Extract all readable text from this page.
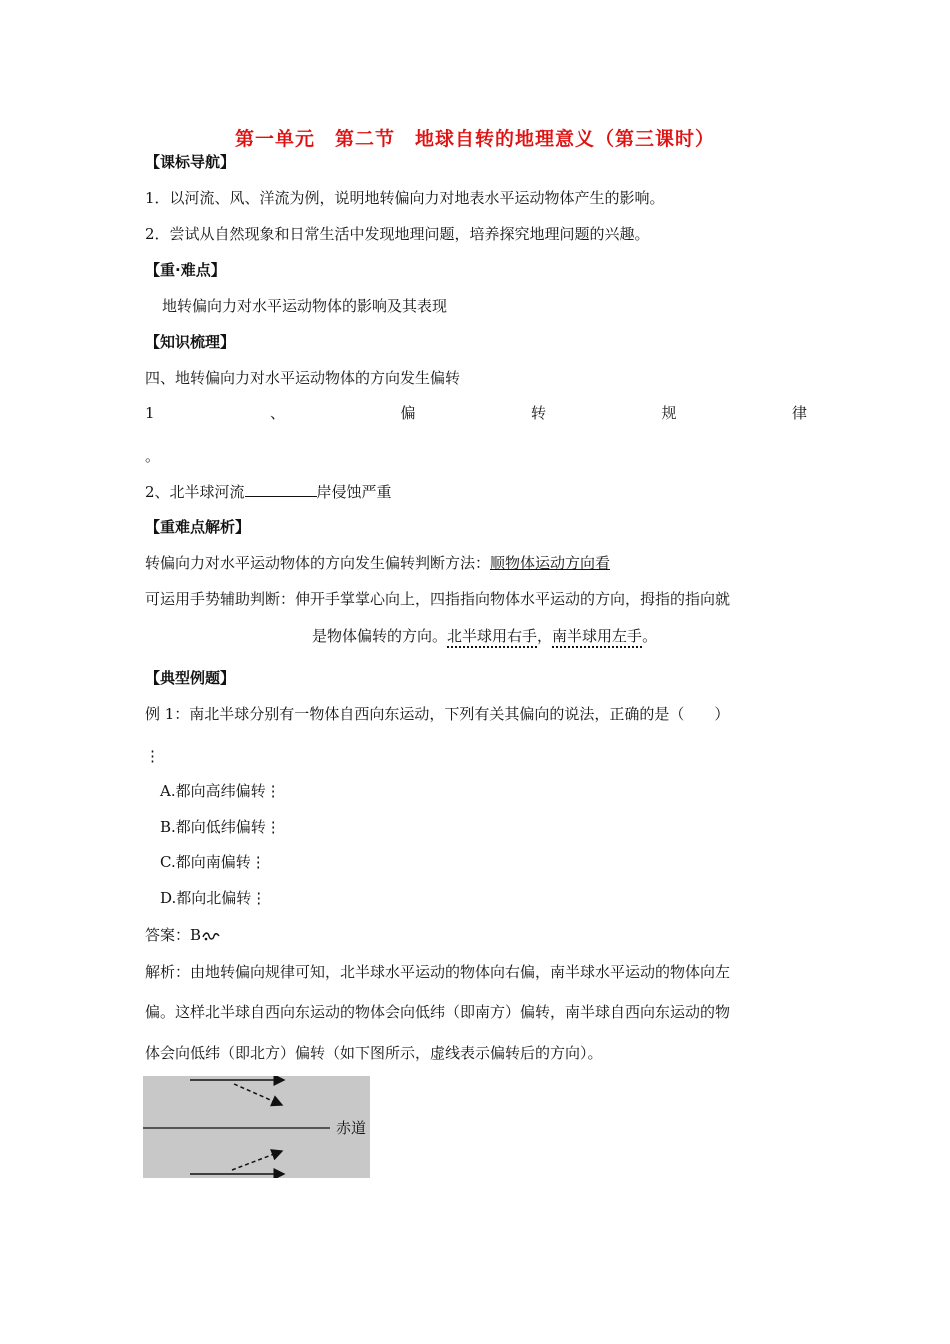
第一单元　第二节　地球自转的地理意义（第三课时）
【课标导航】
1．以河流、风、洋流为例，说明地转偏向力对地表水平运动物体产生的影响。
2．尝试从自然现象和日常生活中发现地理问题，培养探究地理问题的兴趣。
【重·难点】
地转偏向力对水平运动物体的影响及其表现
【知识梳理】
四、地转偏向力对水平运动物体的方向发生偏转
1	、	偏	转	规	律
。
2、北半球河流	岸侵蚀严重
【重难点解析】
转偏向力对水平运动物体的方向发生偏转判断方法：顺物体运动方向看
可运用手势辅助判断：伸开手掌掌心向上，四指指向物体水平运动的方向，拇指的指向就
是物体偏转的方向。北半球用右手，南半球用左手。
【典型例题】
例 1：南北半球分别有一物体自西向东运动，下列有关其偏向的说法，正确的是（　　）
⋮
A.都向高纬偏转⋮
B.都向低纬偏转⋮
C.都向南偏转⋮
D.都向北偏转⋮
答案：B
解析：由地转偏向规律可知，北半球水平运动的物体向右偏，南半球水平运动的物体向左
偏。这样北半球自西向东运动的物体会向低纬（即南方）偏转，南半球自西向东运动的物
体会向低纬（即北方）偏转（如下图所示，虚线表示偏转后的方向）。
赤道
